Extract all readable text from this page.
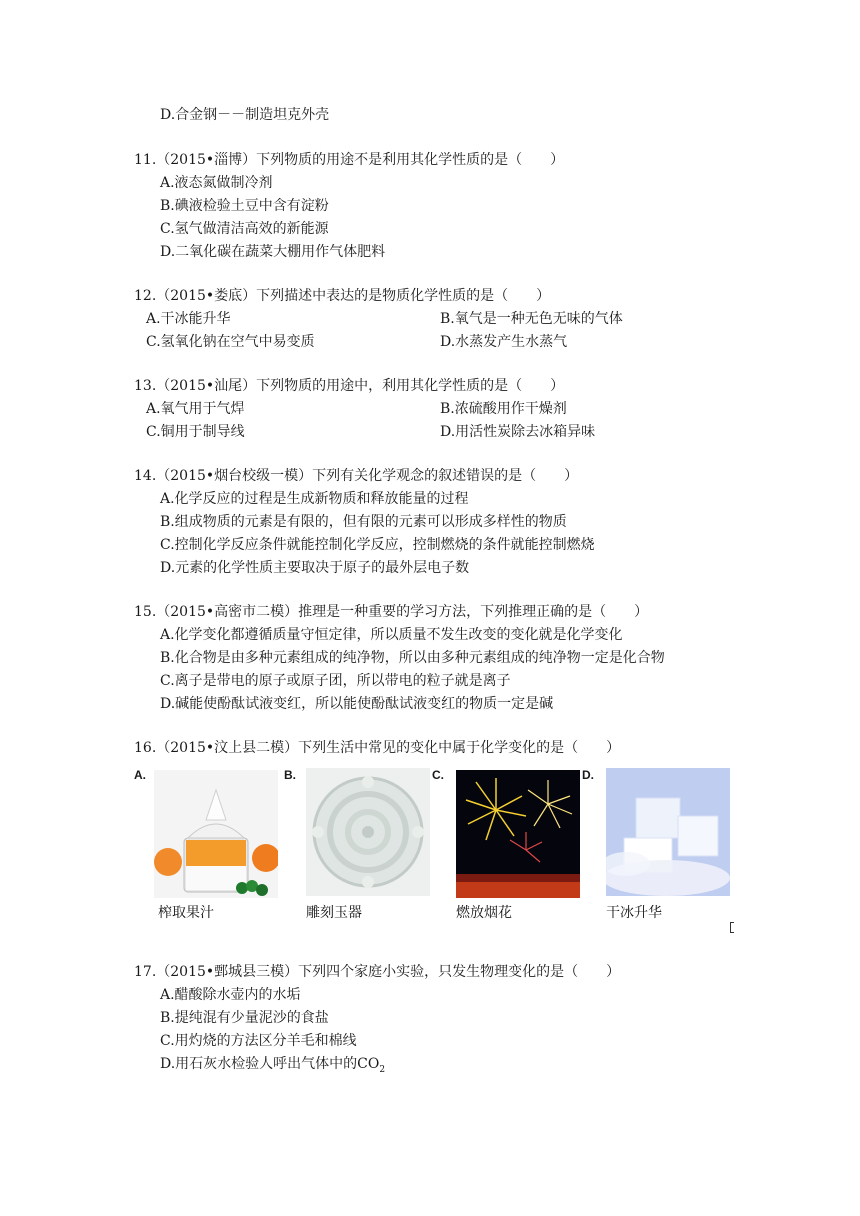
D.合金钢－－制造坦克外壳
11.（2015•淄博）下列物质的用途不是利用其化学性质的是（　　）
A.液态氮做制冷剂
B.碘液检验土豆中含有淀粉
C.氢气做清洁高效的新能源
D.二氧化碳在蔬菜大棚用作气体肥料
12.（2015•娄底）下列描述中表达的是物质化学性质的是（　　）
A.干冰能升华	B.氧气是一种无色无味的气体
C.氢氧化钠在空气中易变质	D.水蒸发产生水蒸气
13.（2015•汕尾）下列物质的用途中，利用其化学性质的是（　　）
A.氧气用于气焊	B.浓硫酸用作干燥剂
C.铜用于制导线	D.用活性炭除去冰箱异味
14.（2015•烟台校级一模）下列有关化学观念的叙述错误的是（　　）
A.化学反应的过程是生成新物质和释放能量的过程
B.组成物质的元素是有限的，但有限的元素可以形成多样性的物质
C.控制化学反应条件就能控制化学反应，控制燃烧的条件就能控制燃烧
D.元素的化学性质主要取决于原子的最外层电子数
15.（2015•高密市二模）推理是一种重要的学习方法，下列推理正确的是（　　）
A.化学变化都遵循质量守恒定律，所以质量不发生改变的变化就是化学变化
B.化合物是由多种元素组成的纯净物，所以由多种元素组成的纯净物一定是化合物
C.离子是带电的原子或原子团，所以带电的粒子就是离子
D.碱能使酚酞试液变红，所以能使酚酞试液变红的物质一定是碱
16.（2015•汶上县二模）下列生活中常见的变化中属于化学变化的是（　　）
A.
榨取果汁
B.
雕刻玉器
C.
燃放烟花
D.
干冰升华
17.（2015•鄄城县三模）下列四个家庭小实验，只发生物理变化的是（　　）
A.醋酸除水壶内的水垢
B.提纯混有少量泥沙的食盐
C.用灼烧的方法区分羊毛和棉线
D.用石灰水检验人呼出气体中的$CO_2$
